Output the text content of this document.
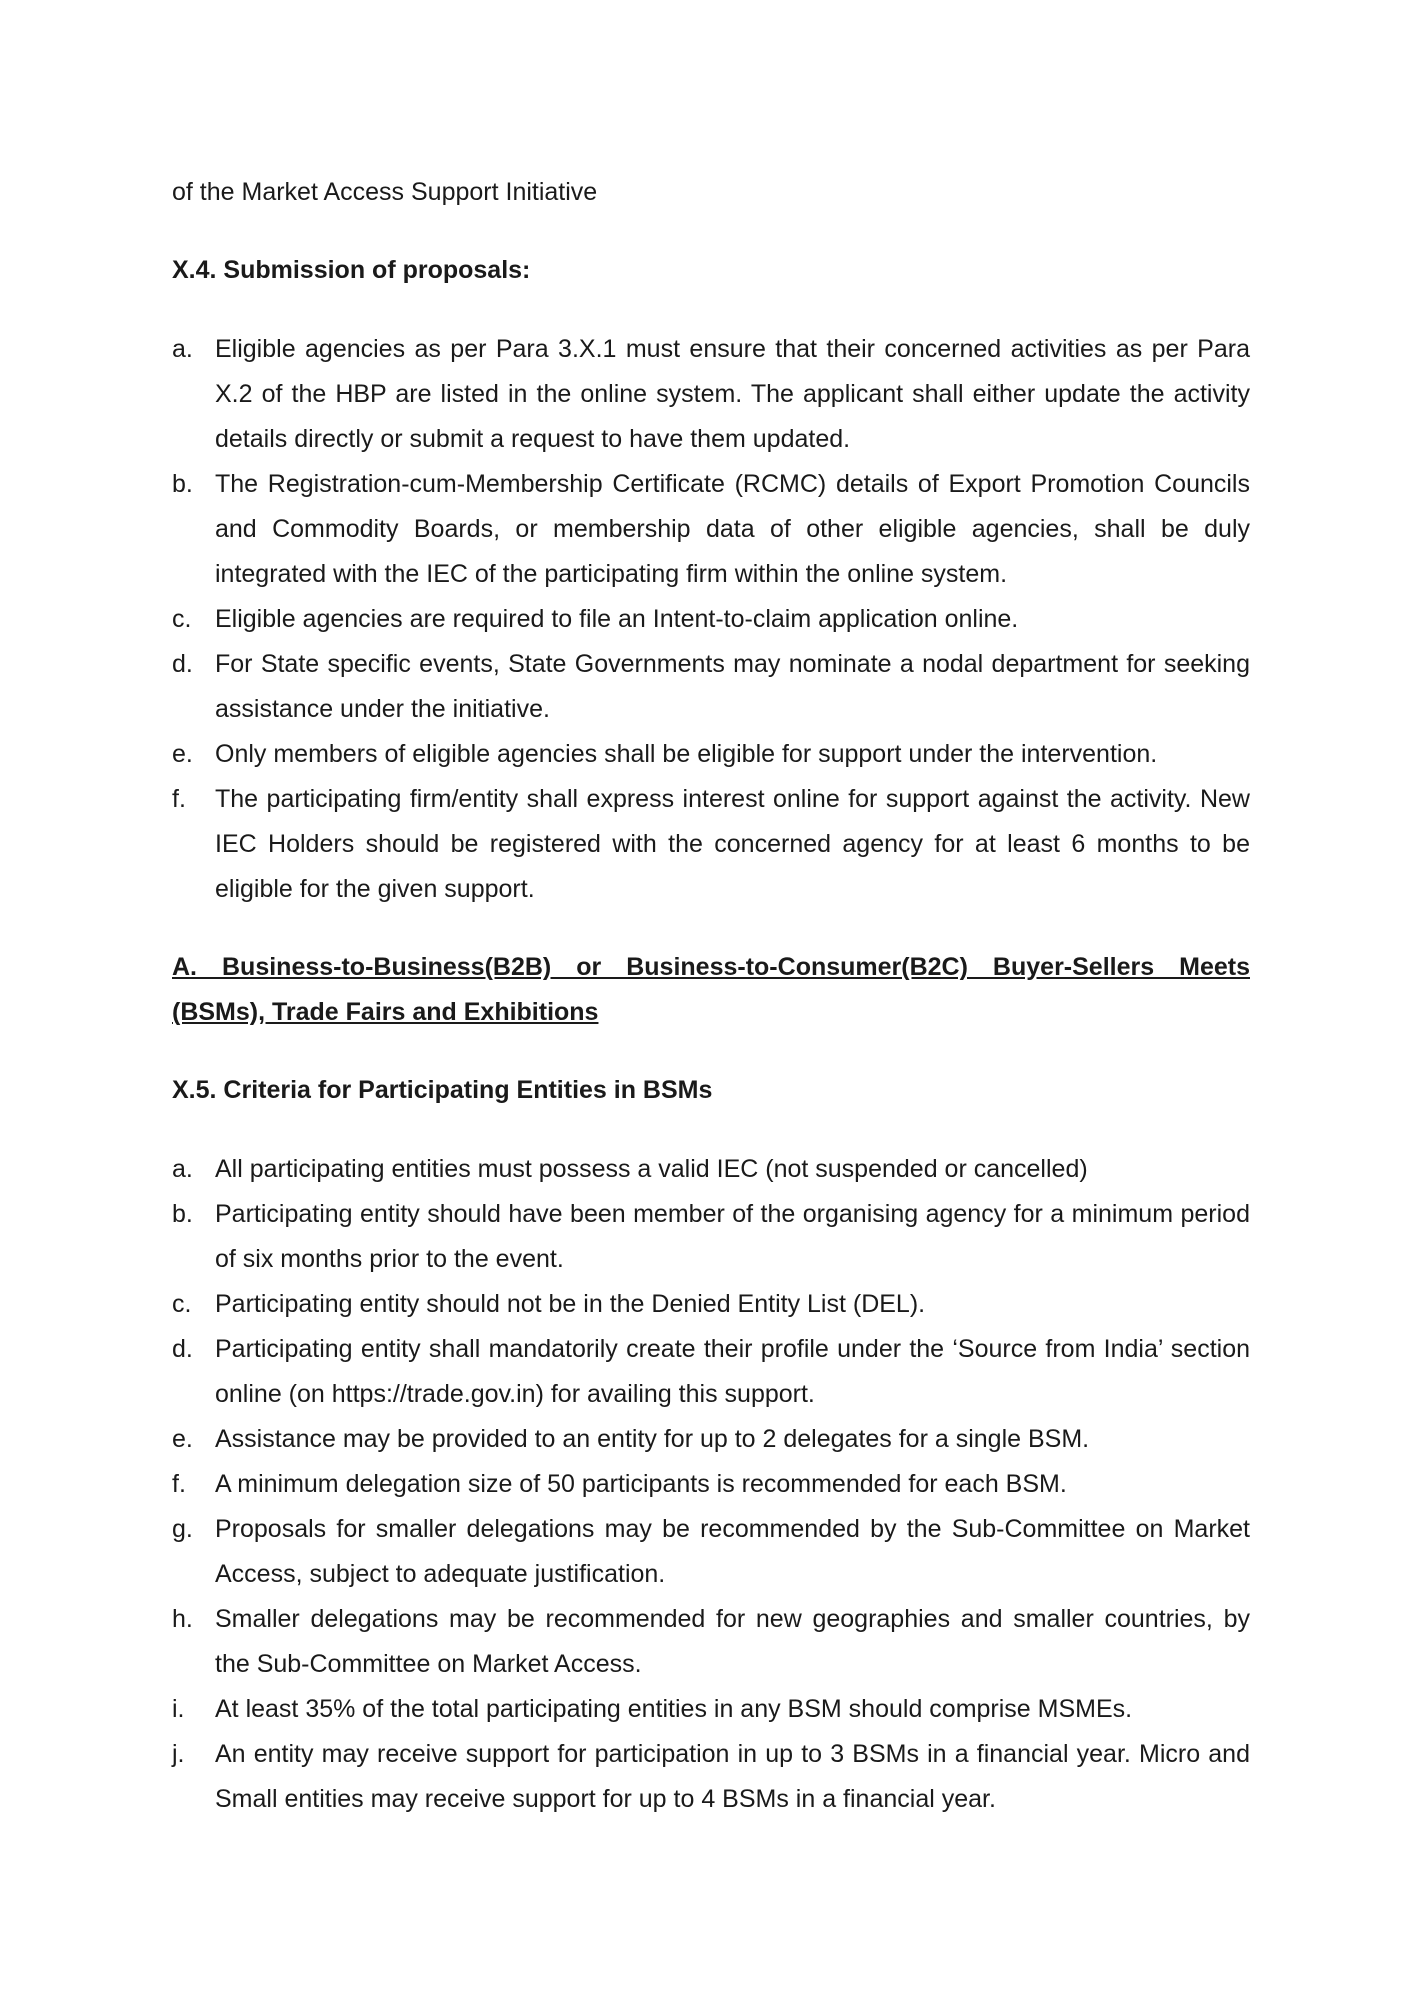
of the Market Access Support Initiative

X.4. Submission of proposals:
a. Eligible agencies as per Para 3.X.1 must ensure that their concerned activities as per Para X.2 of the HBP are listed in the online system. The applicant shall either update the activity details directly or submit a request to have them updated.
b. The Registration-cum-Membership Certificate (RCMC) details of Export Promotion Councils and Commodity Boards, or membership data of other eligible agencies, shall be duly integrated with the IEC of the participating firm within the online system.
c. Eligible agencies are required to file an Intent-to-claim application online.
d. For State specific events, State Governments may nominate a nodal department for seeking assistance under the initiative.
e. Only members of eligible agencies shall be eligible for support under the intervention.
f.	The participating firm/entity shall express interest online for support against the activity. New IEC Holders should be registered with the concerned agency for at least 6 months to be eligible for the given support.
A. Business-to-Business(B2B) or Business-to-Consumer(B2C) Buyer-Sellers Meets (BSMs), Trade Fairs and Exhibitions
X.5. Criteria for Participating Entities in BSMs
a. All participating entities must possess a valid IEC (not suspended or cancelled)
b. Participating entity should have been member of the organising agency for a minimum period of six months prior to the event.
c. Participating entity should not be in the Denied Entity List (DEL).
d. Participating entity shall mandatorily create their profile under the ‘Source from India’ section online (on https://trade.gov.in) for availing this support.
e. Assistance may be provided to an entity for up to 2 delegates for a single BSM.
f.	A minimum delegation size of 50 participants is recommended for each BSM.
g. Proposals for smaller delegations may be recommended by the Sub-Committee on Market Access, subject to adequate justification.
h. Smaller delegations may be recommended for new geographies and smaller countries, by the Sub-Committee on Market Access.
i.	At least 35% of the total participating entities in any BSM should comprise MSMEs.
j.	An entity may receive support for participation in up to 3 BSMs in a financial year. Micro and Small entities may receive support for up to 4 BSMs in a financial year.
